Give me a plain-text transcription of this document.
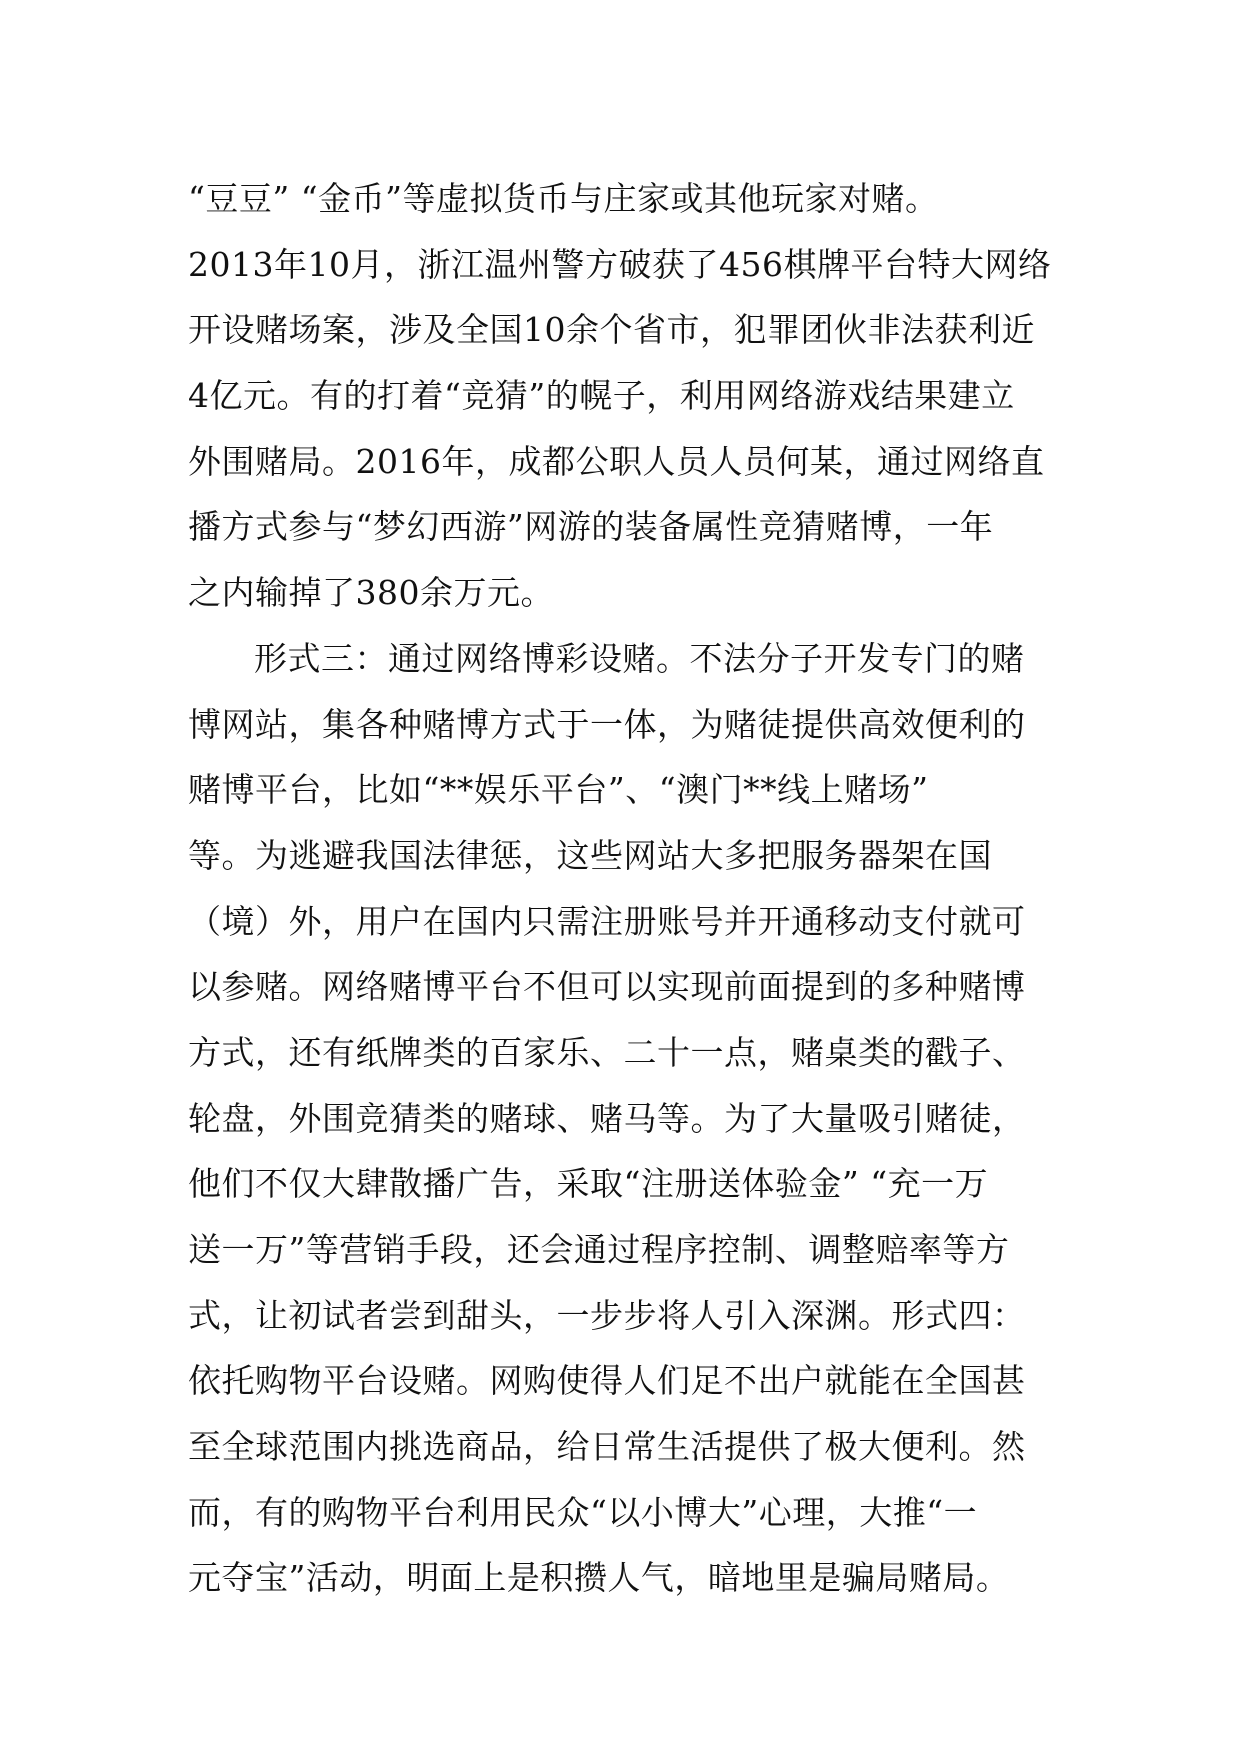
“豆豆” “金币”等虚拟货币与庄家或其他玩家对赌。
2013年10月，浙江温州警方破获了456棋牌平台特大网络
开设赌场案，涉及全国10余个省市，犯罪团伙非法获利近
4亿元。有的打着“竞猜”的幌子，利用网络游戏结果建立
外围赌局。2016年，成都公职人员人员何某，通过网络直
播方式参与“梦幻西游”网游的装备属性竞猜赌博，一年
之内输掉了380余万元。
形式三：通过网络博彩设赌。不法分子开发专门的赌
博网站，集各种赌博方式于一体，为赌徒提供高效便利的
赌博平台，比如“**娱乐平台”、“澳门**线上赌场”
等。为逃避我国法律惩，这些网站大多把服务器架在国
（境）外，用户在国内只需注册账号并开通移动支付就可
以参赌。网络赌博平台不但可以实现前面提到的多种赌博
方式，还有纸牌类的百家乐、二十一点，赌桌类的戳子、
轮盘，外围竞猜类的赌球、赌马等。为了大量吸引赌徒，
他们不仅大肆散播广告，采取“注册送体验金” “充一万
送一万”等营销手段，还会通过程序控制、调整赔率等方
式，让初试者尝到甜头，一步步将人引入深渊。形式四：
依托购物平台设赌。网购使得人们足不出户就能在全国甚
至全球范围内挑选商品，给日常生活提供了极大便利。然
而，有的购物平台利用民众“以小博大”心理，大推“一
元夺宝”活动，明面上是积攒人气，暗地里是骗局赌局。
